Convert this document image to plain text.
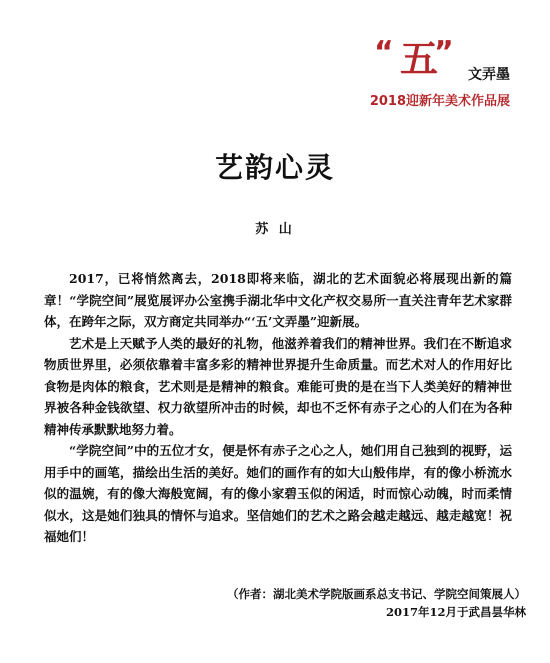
“ 五
”
文弄墨
2018迎新年美术作品展
艺韵心灵
苏 山

2017，已将悄然离去，2018即将来临，湖北的艺术面貌必将展现出新的篇章！“学院空间”展览展评办公室携手湖北华中文化产权交易所一直关注青年艺术家群体，在跨年之际，双方商定共同举办“‘五’文弄墨”迎新展。

艺术是上天赋予人类的最好的礼物，他滋养着我们的精神世界。我们在不断追求物质世界里，必须依靠着丰富多彩的精神世界提升生命质量。而艺术对人的作用好比食物是肉体的粮食，艺术则是是精神的粮食。难能可贵的是在当下人类美好的精神世界被各种金钱欲望、权力欲望所冲击的时候，却也不乏怀有赤子之心的人们在为各种精神传承默默地努力着。

“学院空间”中的五位才女，便是怀有赤子之心之人，她们用自己独到的视野，运用手中的画笔，描绘出生活的美好。她们的画作有的如大山般伟岸，有的像小桥流水似的温婉，有的像大海般宽阔，有的像小家碧玉似的闲适，时而惊心动魄，时而柔情似水，这是她们独具的情怀与追求。坚信她们的艺术之路会越走越远、越走越宽！祝福她们！

（作者：湖北美术学院版画系总支书记、学院空间策展人）
2017年12月于武昌昙华林
